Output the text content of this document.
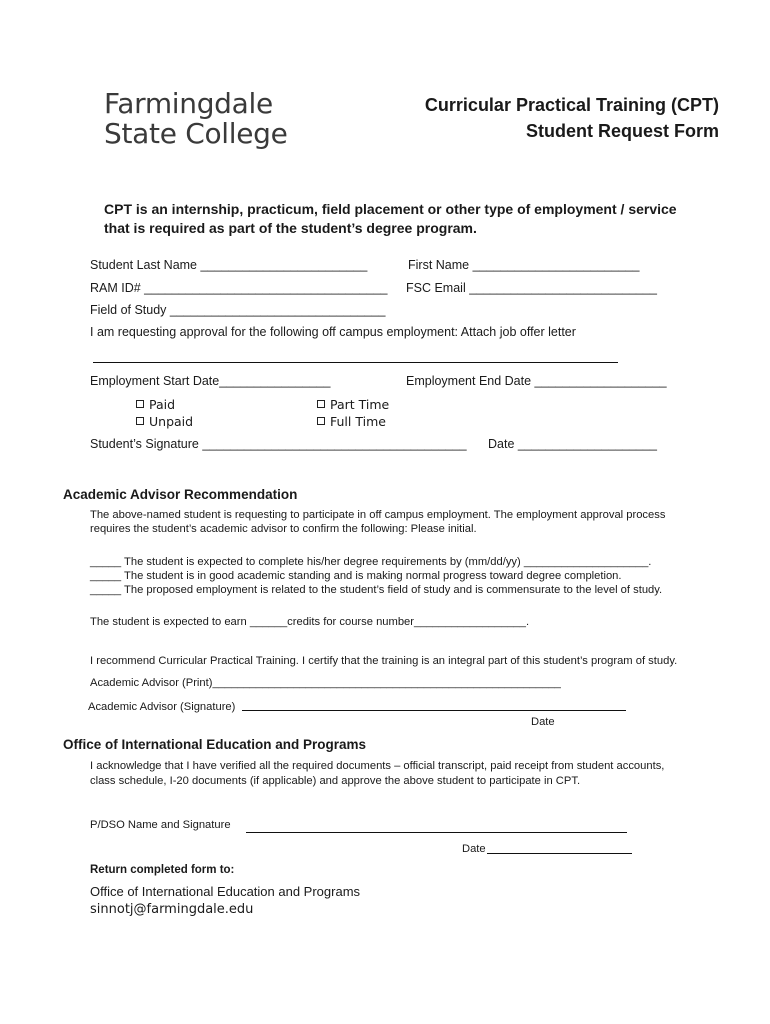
Farmingdale
State College
Curricular Practical Training (CPT)
Student Request Form
CPT is an internship, practicum, field placement or other type of employment / service
that is required as part of the student’s degree program.
Student Last Name ________________________	First Name ________________________
RAM ID# ___________________________________ FSC Email ___________________________
Field of Study _______________________________
I am requesting approval for the following off campus employment: Attach job offer letter
Employment Start Date________________	Employment End Date ___________________
Paid
Unpaid
Part Time
Full Time
Student’s Signature ______________________________________ Date ____________________
Academic Advisor Recommendation
The above-named student is requesting to participate in off campus employment. The employment approval process
requires the student’s academic advisor to confirm the following: Please initial.
_____ The student is expected to complete his/her degree requirements by (mm/dd/yy) ____________________.
_____ The student is in good academic standing and is making normal progress toward degree completion.
_____ The proposed employment is related to the student’s field of study and is commensurate to the level of study.
The student is expected to earn ______credits for course number__________________.
I recommend Curricular Practical Training. I certify that the training is an integral part of this student’s program of study.
Academic Advisor (Print)________________________________________________________
Academic Advisor (Signature)
Date
Office of International Education and Programs
I acknowledge that I have verified all the required documents – official transcript, paid receipt from student accounts,
class schedule, I-20 documents (if applicable) and approve the above student to participate in CPT.
P/DSO Name and Signature
Date
Return completed form to:
Office of International Education and Programs
sinnotj@farmingdale.edu
